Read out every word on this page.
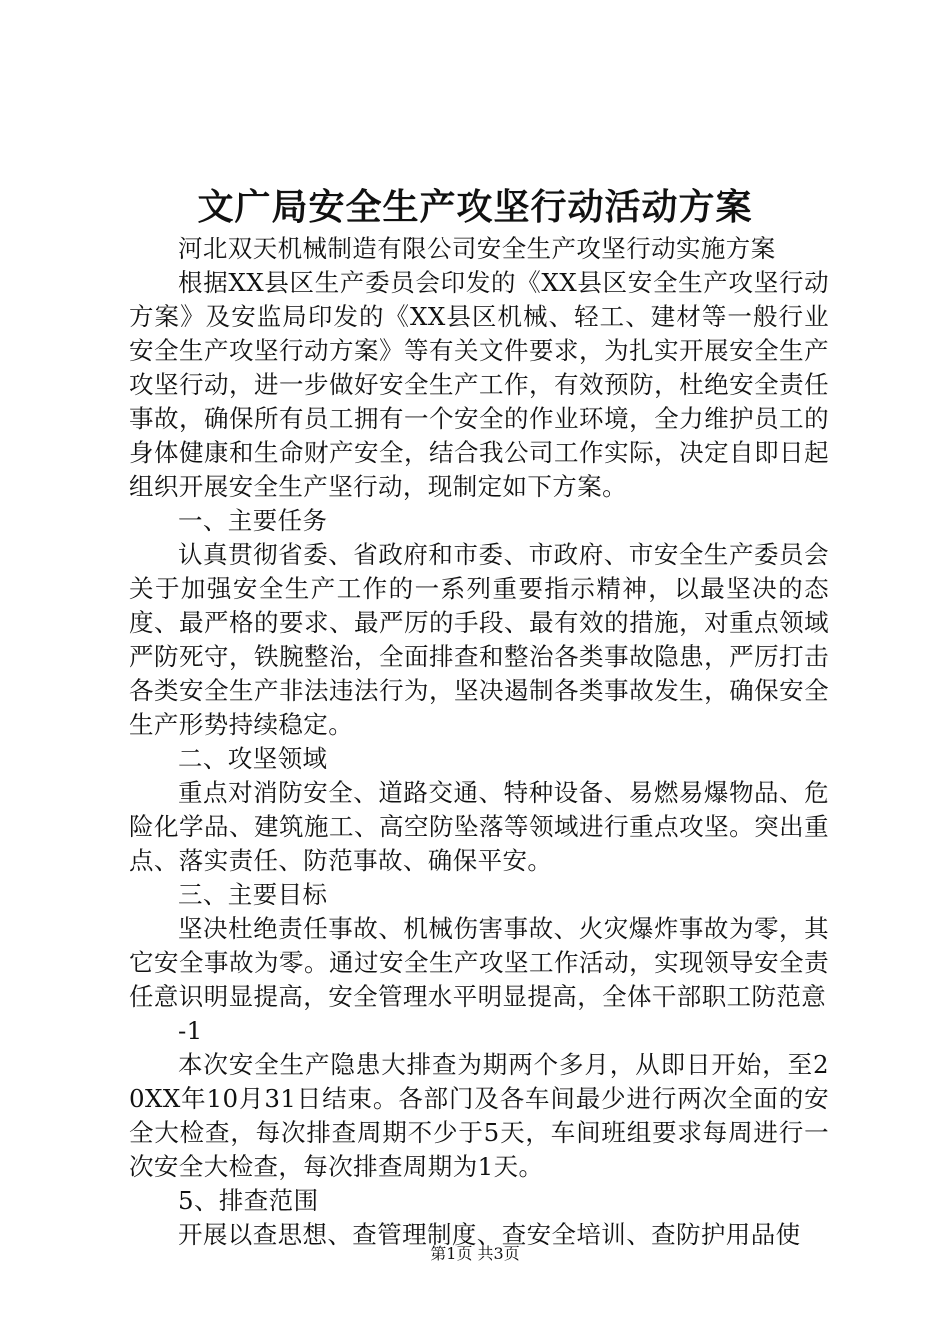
文广局安全生产攻坚行动活动方案

河北双天机械制造有限公司安全生产攻坚行动实施方案

根据XX县区生产委员会印发的《XX县区安全生产攻坚行动方案》及安监局印发的《XX县区机械、轻工、建材等一般行业安全生产攻坚行动方案》等有关文件要求，为扎实开展安全生产攻坚行动，进一步做好安全生产工作，有效预防，杜绝安全责任事故，确保所有员工拥有一个安全的作业环境，全力维护员工的身体健康和生命财产安全，结合我公司工作实际，决定自即日起组织开展安全生产坚行动，现制定如下方案。

一、主要任务

认真贯彻省委、省政府和市委、市政府、市安全生产委员会关于加强安全生产工作的一系列重要指示精神，以最坚决的态度、最严格的要求、最严厉的手段、最有效的措施，对重点领域严防死守，铁腕整治，全面排查和整治各类事故隐患，严厉打击各类安全生产非法违法行为，坚决遏制各类事故发生，确保安全生产形势持续稳定。

二、攻坚领域

重点对消防安全、道路交通、特种设备、易燃易爆物品、危险化学品、建筑施工、高空防坠落等领域进行重点攻坚。突出重点、落实责任、防范事故、确保平安。

三、主要目标

坚决杜绝责任事故、机械伤害事故、火灾爆炸事故为零，其它安全事故为零。通过安全生产攻坚工作活动，实现领导安全责任意识明显提高，安全管理水平明显提高，全体干部职工防范意

-1

本次安全生产隐患大排查为期两个多月，从即日开始，至20XX年10月31日结束。各部门及各车间最少进行两次全面的安全大检查，每次排查周期不少于5天，车间班组要求每周进行一次安全大检查，每次排查周期为1天。

5、排查范围

开展以查思想、查管理制度、查安全培训、查防护用品使

第1页 共3页
